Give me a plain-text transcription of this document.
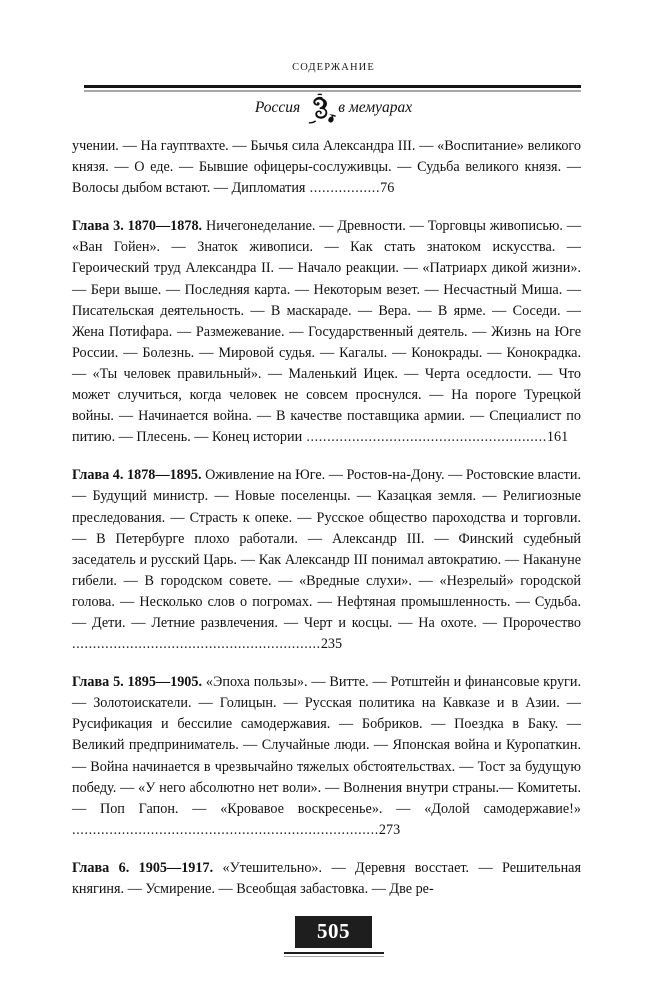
СОДЕРЖАНИЕ
Россия в мемуарах

учении. — На гауптвахте. — Бычья сила Александра III. — «Воспитание» великого князя. — О еде. — Бывшие офицеры-сослуживцы. — Судьба великого князя. — Волосы дыбом встают. — Дипломатия .................76

Глава 3. 1870—1878. Ничегонеделание. — Древности. — Торговцы живописью. — «Ван Гойен». — Знаток живописи. — Как стать знатоком искусства. — Героический труд Александра II. — Начало реакции. — «Патриарх дикой жизни». — Бери выше. — Последняя карта. — Некоторым везет. — Несчастный Миша. — Писательская деятельность. — В маскараде. — Вера. — В ярме. — Соседи. — Жена Потифара. — Размежевание. — Государственный деятель. — Жизнь на Юге России. — Болезнь. — Мировой судья. — Кагалы. — Конокрады. — Конокрадка. — «Ты человек правильный». — Маленький Ицек. — Черта оседлости. — Что может случиться, когда человек не совсем проснулся. — На пороге Турецкой войны. — Начинается война. — В качестве поставщика армии. — Специалист по питию. — Плесень. — Конец истории ..........................................................161

Глава 4. 1878—1895. Оживление на Юге. — Ростов-на-Дону. — Ростовские власти. — Будущий министр. — Новые поселенцы. — Казацкая земля. — Религиозные преследования. — Страсть к опеке. — Русское общество пароходства и торговли. — В Петербурге плохо работали. — Александр III. — Финский судебный заседатель и русский Царь. — Как Александр III понимал автократию. — Накануне гибели. — В городском совете. — «Вредные слухи». — «Незрелый» городской голова. — Несколько слов о погромах. — Нефтяная промышленность. — Судьба. — Дети. — Летние развлечения. — Черт и косцы. — На охоте. — Пророчество ............................................................235

Глава 5. 1895—1905. «Эпоха пользы». — Витте. — Ротштейн и финансовые круги. — Золотоискатели. — Голицын. — Русская политика на Кавказе и в Азии. — Русификация и бессилие самодержавия. — Бобриков. — Поездка в Баку. — Великий предприниматель. — Случайные люди. — Японская война и Куропаткин.— Война начинается в чрезвычайно тяжелых обстоятельствах. — Тост за будущую победу. — «У него абсолютно нет воли». — Волнения внутри страны.— Комитеты. — Поп Гапон. — «Кровавое воскресенье». — «Долой самодержавие!» ..........................................................................273

Глава 6. 1905—1917. «Утешительно». — Деревня восстает. — Решительная княгиня. — Усмирение. — Всеобщая забастовка. — Две ре-

505
